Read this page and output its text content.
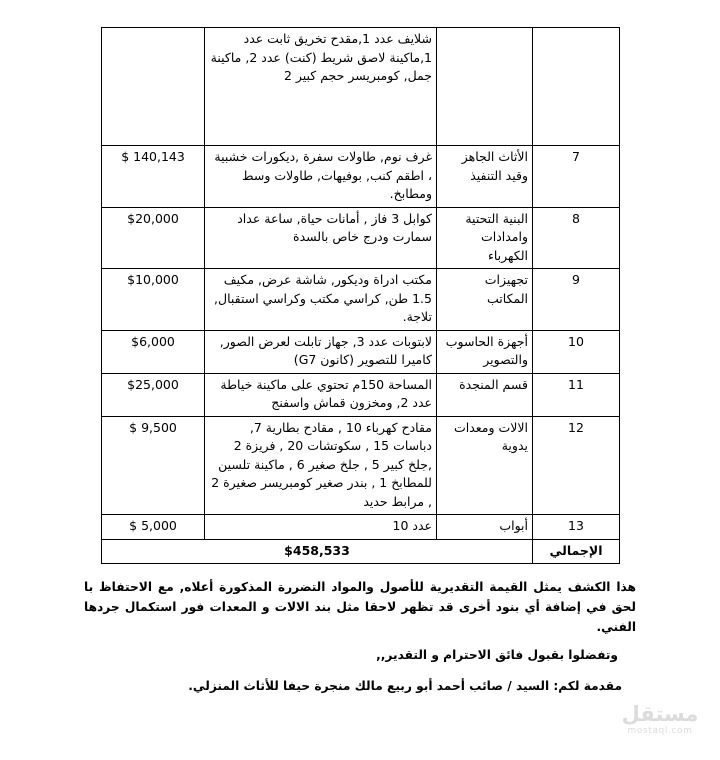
		شلايف عدد 1,مقدح تخريق ثابت عدد 1,ماكينة لاصق شريط (كنت) عدد 2, ماكينة جمل, كومبريسر حجم كبير 2	
7	الأثاث الجاهز وقيد التنفيذ	غرف نوم, طاولات سفرة ,ديكورات خشبية ، اطقم كنب, بوفيهات, طاولات وسط ومطابخ.	$ 140,143
8	البنية التحتية وامدادات الكهرباء	كوابل 3 فاز , أمانات حياة, ساعة عداد سمارت ودرج خاص بالسدة	$20,000
9	تجهيزات المكاتب	مكتب ادراة وديكور, شاشة عرض, مكيف 1.5 طن, كراسي مكتب وكراسي استقبال, تلاجة.	$10,000
10	أجهزة الحاسوب والتصوير	لابتوبات عدد 3, جهاز تابلت لعرض الصور, كاميرا للتصوير (كانون G7)	$6,000
11	قسم المنجدة	المساحة 150م تحتوي على ماكينة خياطة عدد 2, ومخزون قماش واسفنج	$25,000
12	الالات ومعدات يدوية	مقادح كهرباء 10 , مقادح بطارية 7, دباسات 15 , سكوتشات 20 , فريزة 2 ,جلخ كبير 5 , جلخ صغير 6 , ماكينة تلسين للمطابخ 1 , بندر صغير كومبريسر صغيرة 2 , مرابط حديد	$ 9,500
13	أبواب	عدد 10	$ 5,000
الإجمالي	$458,533		

هذا الكشف يمثل القيمة التقديرية للأصول والمواد التضررة المذكورة أعلاه, مع الاحتفاظ با لحق في إضافة أي بنود أخرى قد تظهر لاحقا مثل بند الالات و المعدات فور استكمال جردها الفني.

وتفضلوا بقبول فائق الاحترام و التقدير,,

مقدمة لكم: السيد / صائب أحمد أبو ربيع مالك منجرة حيفا للأثاث المنزلي.

مستقل
mostaql.com
